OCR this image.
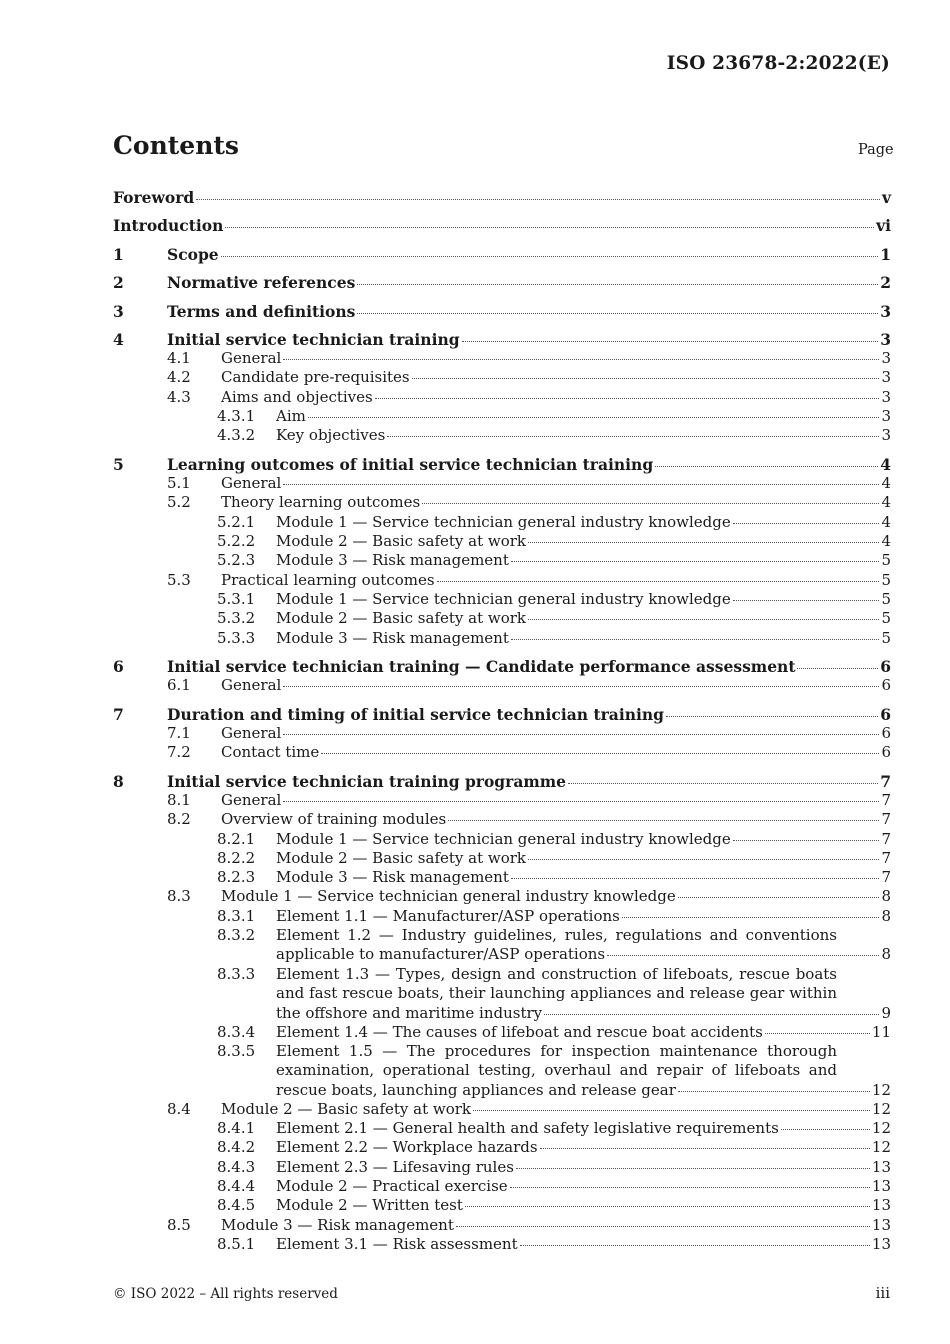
ISO 23678-2:2022(E)
Contents	Page
Foreword	v
Introduction	vi
1	Scope	1
2	Normative references	2
3	Terms and definitions	3
4	Initial service technician training	3
4.1 General	3
4.2 Candidate pre-requisites	3
4.3 Aims and objectives	3
4.3.1 Aim	3
4.3.2 Key objectives	3
5	Learning outcomes of initial service technician training	4
5.1 General	4
5.2 Theory learning outcomes	4
5.2.1 Module 1 — Service technician general industry knowledge	4
5.2.2 Module 2 — Basic safety at work	4
5.2.3 Module 3 — Risk management	5
5.3 Practical learning outcomes	5
5.3.1 Module 1 — Service technician general industry knowledge	5
5.3.2 Module 2 — Basic safety at work	5
5.3.3 Module 3 — Risk management	5
6	Initial service technician training — Candidate performance assessment	6
6.1 General	6
7	Duration and timing of initial service technician training	6
7.1 General	6
7.2 Contact time	6
8	Initial service technician training programme	7
8.1 General	7
8.2 Overview of training modules	7
8.2.1 Module 1 — Service technician general industry knowledge	7
8.2.2 Module 2 — Basic safety at work	7
8.2.3 Module 3 — Risk management	7
8.3 Module 1 — Service technician general industry knowledge	8
8.3.1 Element 1.1 — Manufacturer/ASP operations	8
8.3.2 Element 1.2 — Industry guidelines, rules, regulations and conventions
applicable to manufacturer/ASP operations	8
8.3.3 Element 1.3 — Types, design and construction of lifeboats, rescue boats
and fast rescue boats, their launching appliances and release gear within
the offshore and maritime industry	9
8.3.4 Element 1.4 — The causes of lifeboat and rescue boat accidents	11
8.3.5 Element 1.5 — The procedures for inspection maintenance thorough
examination, operational testing, overhaul and repair of lifeboats and
rescue boats, launching appliances and release gear	12
8.4 Module 2 — Basic safety at work	12
8.4.1 Element 2.1 — General health and safety legislative requirements	12
8.4.2 Element 2.2 — Workplace hazards	12
8.4.3 Element 2.3 — Lifesaving rules	13
8.4.4 Module 2 — Practical exercise	13
8.4.5 Module 2 — Written test	13
8.5 Module 3 — Risk management	13
8.5.1 Element 3.1 — Risk assessment	13
© ISO 2022 – All rights reserved	iii
